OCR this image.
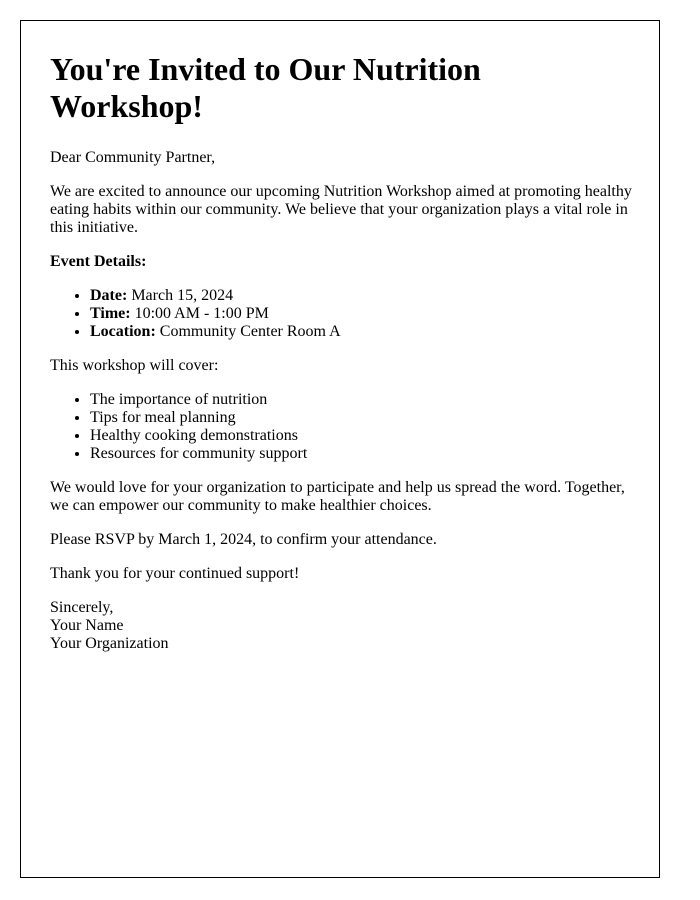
You're Invited to Our Nutrition Workshop!

Dear Community Partner,

We are excited to announce our upcoming Nutrition Workshop aimed at promoting healthy eating habits within our community. We believe that your organization plays a vital role in this initiative.

Event Details:

• Date: March 15, 2024
• Time: 10:00 AM - 1:00 PM
• Location: Community Center Room A

This workshop will cover:

• The importance of nutrition
• Tips for meal planning
• Healthy cooking demonstrations
• Resources for community support

We would love for your organization to participate and help us spread the word. Together, we can empower our community to make healthier choices.

Please RSVP by March 1, 2024, to confirm your attendance.

Thank you for your continued support!

Sincerely,
Your Name
Your Organization
